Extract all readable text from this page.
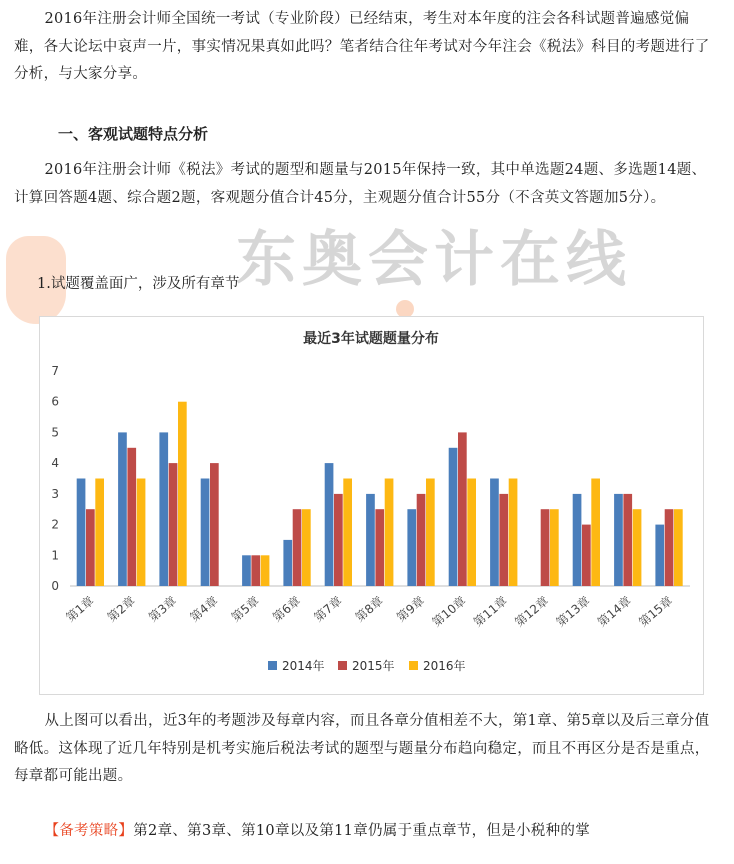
东奥会计在线
2016年注册会计师全国统一考试（专业阶段）已经结束，考生对本年度的注会各科试题普遍感觉偏难，各大论坛中哀声一片，事实情况果真如此吗？笔者结合往年考试对今年注会《税法》科目的考题进行了分析，与大家分享。
一、客观试题特点分析
2016年注册会计师《税法》考试的题型和题量与2015年保持一致，其中单选题24题、多选题14题、计算回答题4题、综合题2题，客观题分值合计45分，主观题分值合计55分（不含英文答题加5分）。
1.试题覆盖面广，涉及所有章节
最近3年试题题量分布
0
1
2
3
4
5
6
7
第1章 第2章 第3章 第4章 第5章 第6章 第7章 第8章 第9章 第10章 第11章 第12章 第13章 第14章 第15章
2014年 2015年 2016年
从上图可以看出，近3年的考题涉及每章内容，而且各章分值相差不大，第1章、第5章以及后三章分值略低。这体现了近几年特别是机考实施后税法考试的题型与题量分布趋向稳定，而且不再区分是否是重点，每章都可能出题。
【备考策略】第2章、第3章、第10章以及第11章仍属于重点章节，但是小税种的掌
